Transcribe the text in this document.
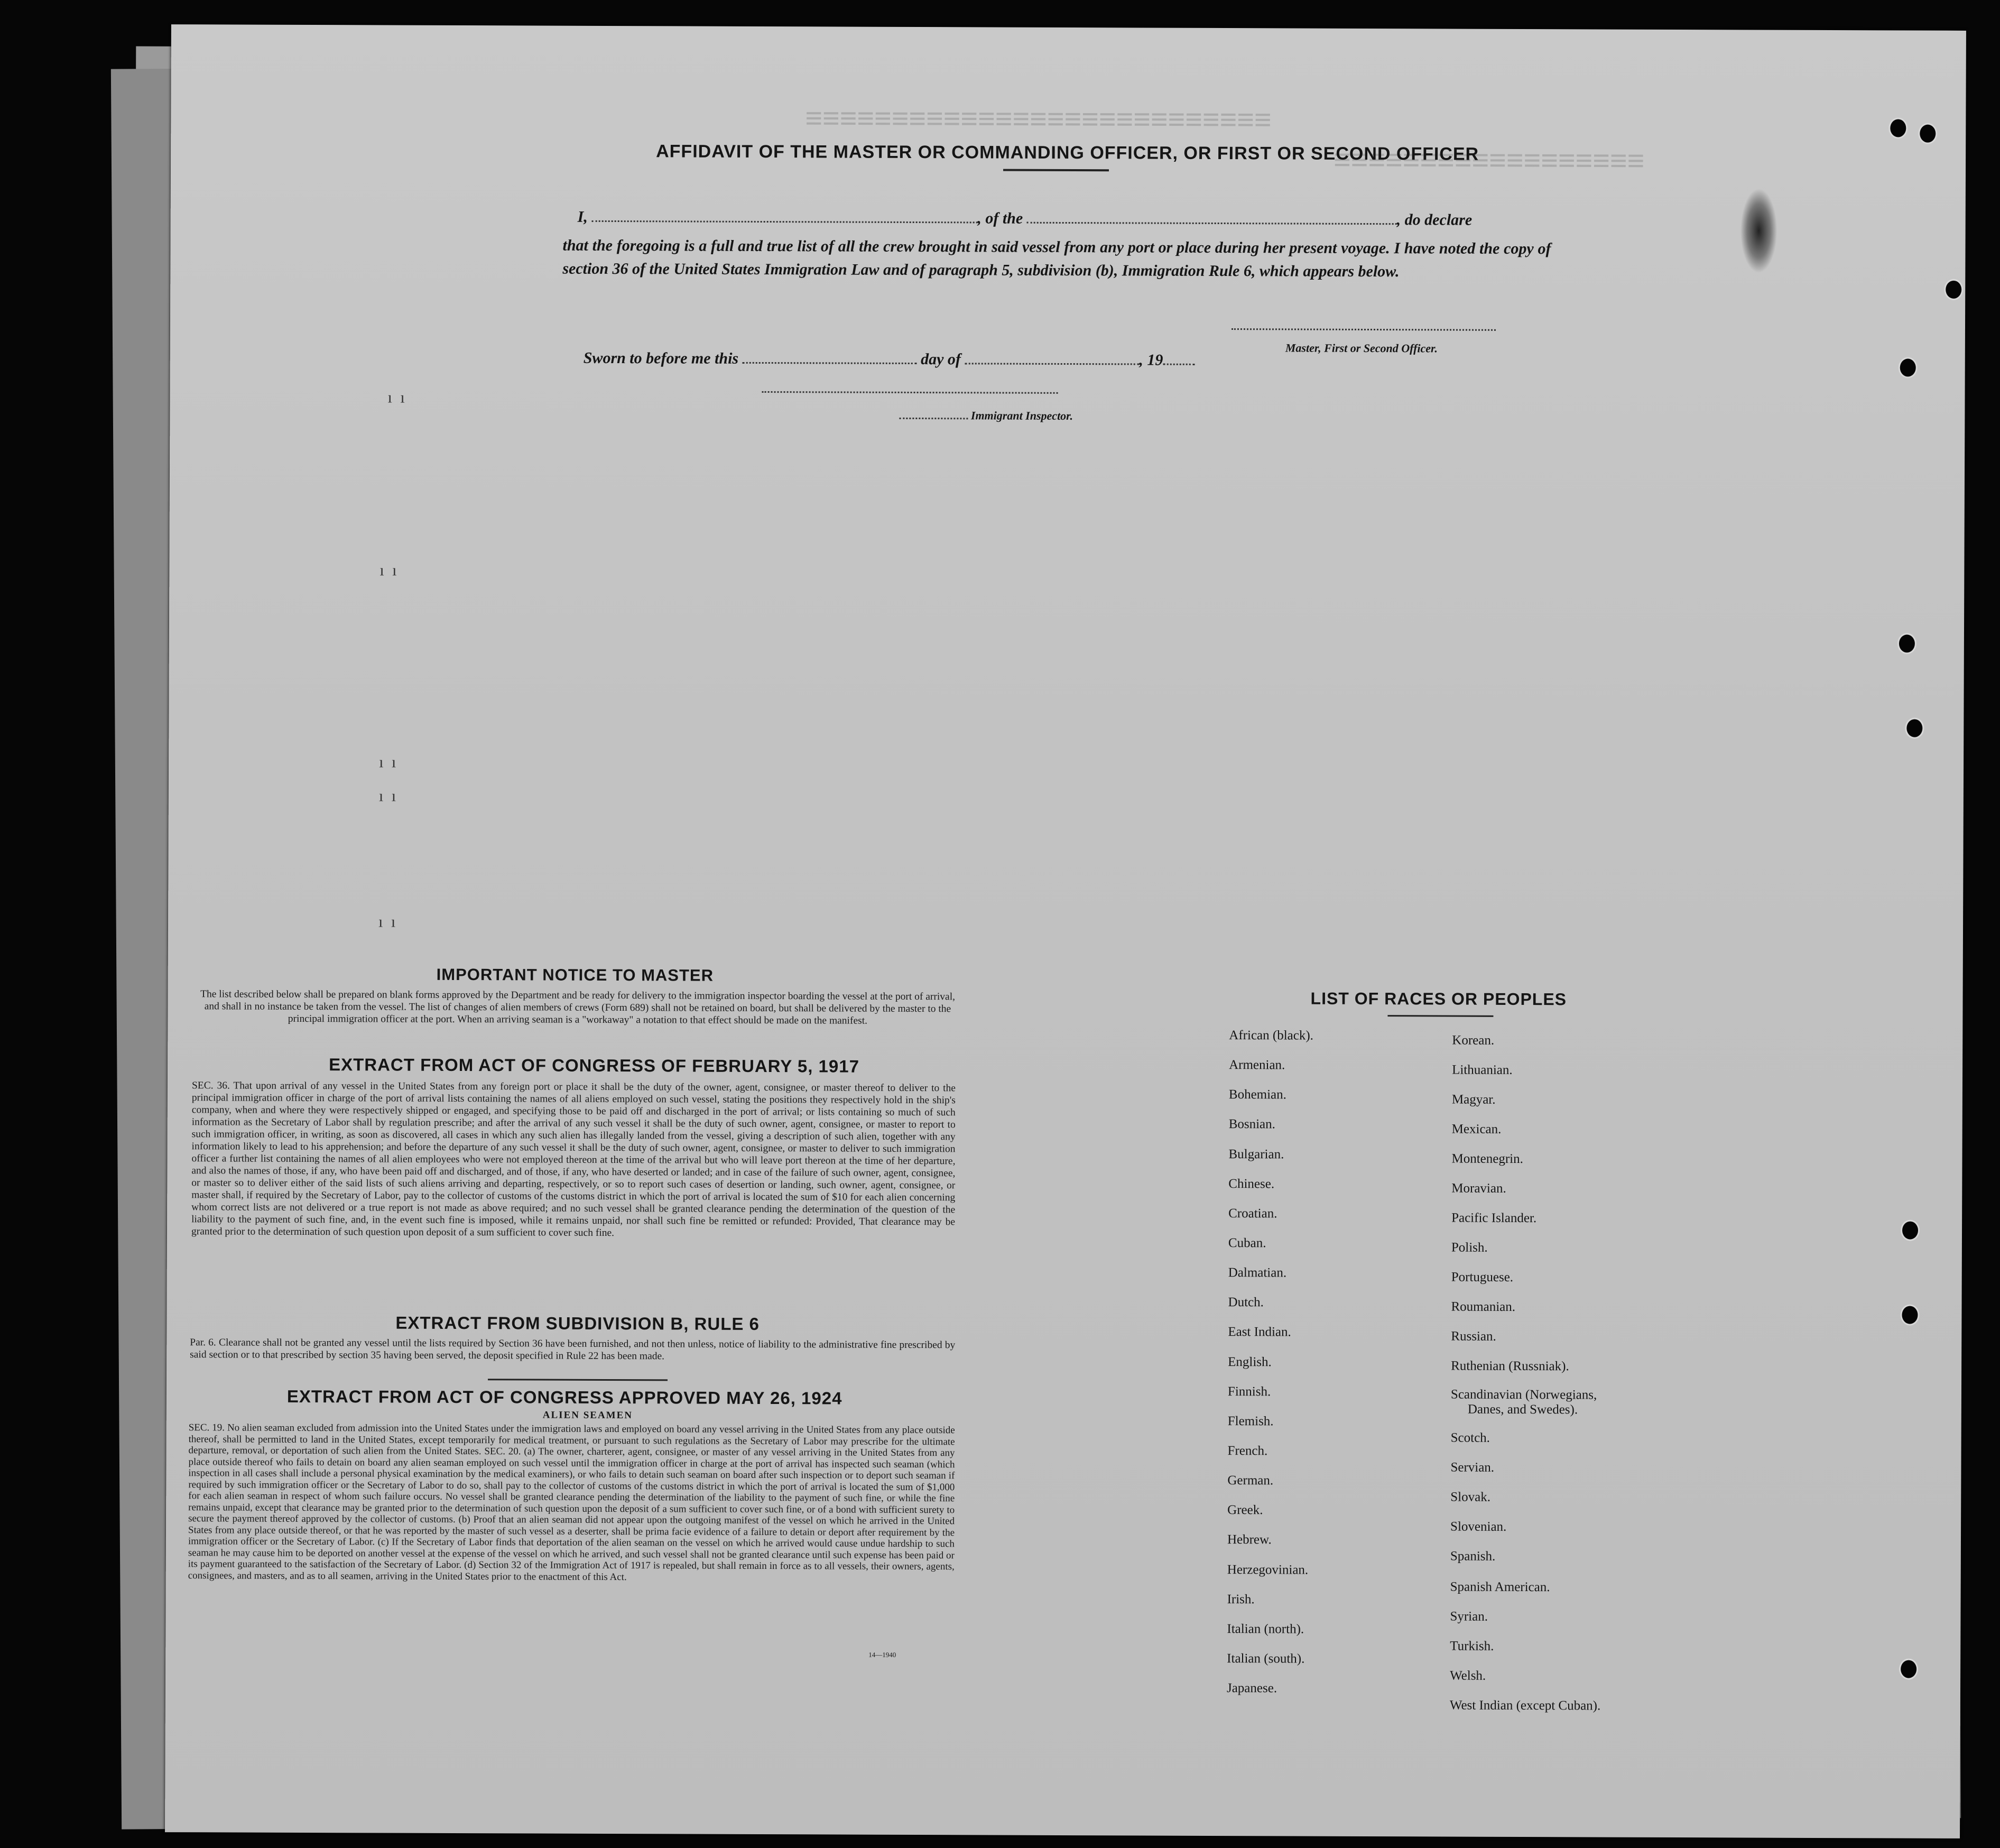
≡≡≡≡≡≡≡≡≡≡≡≡≡≡≡≡≡≡≡≡≡≡≡≡≡≡≡
≡≡≡≡≡≡≡≡≡≡≡≡≡≡≡≡≡≡
AFFIDAVIT OF THE MASTER OR COMMANDING OFFICER, OR FIRST OR SECOND OFFICER
I,	, of the	, do declare
that the foregoing is a full and true list of all the crew brought in said vessel from any port or place during her present voyage. I have noted the copy of section 36 of the United States Immigration Law and of paragraph 5, subdivision (b), Immigration Rule 6, which appears below.
Master, First or Second Officer.
Sworn to before me this	day of	, 19
Immigrant Inspector.
ı ı
ı ı
ı ı
ı ı
ı ı
IMPORTANT NOTICE TO MASTER
The list described below shall be prepared on blank forms approved by the Department and be ready for delivery to the immigration inspector boarding the vessel at the port of arrival, and shall in no instance be taken from the vessel. The list of changes of alien members of crews (Form 689) shall not be retained on board, but shall be delivered by the master to the principal immigration officer at the port. When an arriving seaman is a "workaway" a notation to that effect should be made on the manifest.
EXTRACT FROM ACT OF CONGRESS OF FEBRUARY 5, 1917
SEC. 36. That upon arrival of any vessel in the United States from any foreign port or place it shall be the duty of the owner, agent, consignee, or master thereof to deliver to the principal immigration officer in charge of the port of arrival lists containing the names of all aliens employed on such vessel, stating the positions they respectively hold in the ship's company, when and where they were respectively shipped or engaged, and specifying those to be paid off and discharged in the port of arrival; or lists containing so much of such information as the Secretary of Labor shall by regulation prescribe; and after the arrival of any such vessel it shall be the duty of such owner, agent, consignee, or master to report to such immigration officer, in writing, as soon as discovered, all cases in which any such alien has illegally landed from the vessel, giving a description of such alien, together with any information likely to lead to his apprehension; and before the departure of any such vessel it shall be the duty of such owner, agent, consignee, or master to deliver to such immigration officer a further list containing the names of all alien employees who were not employed thereon at the time of the arrival but who will leave port thereon at the time of her departure, and also the names of those, if any, who have been paid off and discharged, and of those, if any, who have deserted or landed; and in case of the failure of such owner, agent, consignee, or master so to deliver either of the said lists of such aliens arriving and departing, respectively, or so to report such cases of desertion or landing, such owner, agent, consignee, or master shall, if required by the Secretary of Labor, pay to the collector of customs of the customs district in which the port of arrival is located the sum of $10 for each alien concerning whom correct lists are not delivered or a true report is not made as above required; and no such vessel shall be granted clearance pending the determination of the question of the liability to the payment of such fine, and, in the event such fine is imposed, while it remains unpaid, nor shall such fine be remitted or refunded: Provided, That clearance may be granted prior to the determination of such question upon deposit of a sum sufficient to cover such fine.
EXTRACT FROM SUBDIVISION B, RULE 6
Par. 6. Clearance shall not be granted any vessel until the lists required by Section 36 have been furnished, and not then unless, notice of liability to the administrative fine prescribed by said section or to that prescribed by section 35 having been served, the deposit specified in Rule 22 has been made.
EXTRACT FROM ACT OF CONGRESS APPROVED MAY 26, 1924
ALIEN SEAMEN
SEC. 19. No alien seaman excluded from admission into the United States under the immigration laws and employed on board any vessel arriving in the United States from any place outside thereof, shall be permitted to land in the United States, except temporarily for medical treatment, or pursuant to such regulations as the Secretary of Labor may prescribe for the ultimate departure, removal, or deportation of such alien from the United States. SEC. 20. (a) The owner, charterer, agent, consignee, or master of any vessel arriving in the United States from any place outside thereof who fails to detain on board any alien seaman employed on such vessel until the immigration officer in charge at the port of arrival has inspected such seaman (which inspection in all cases shall include a personal physical examination by the medical examiners), or who fails to detain such seaman on board after such inspection or to deport such seaman if required by such immigration officer or the Secretary of Labor to do so, shall pay to the collector of customs of the customs district in which the port of arrival is located the sum of $1,000 for each alien seaman in respect of whom such failure occurs. No vessel shall be granted clearance pending the determination of the liability to the payment of such fine, or while the fine remains unpaid, except that clearance may be granted prior to the determination of such question upon the deposit of a sum sufficient to cover such fine, or of a bond with sufficient surety to secure the payment thereof approved by the collector of customs. (b) Proof that an alien seaman did not appear upon the outgoing manifest of the vessel on which he arrived in the United States from any place outside thereof, or that he was reported by the master of such vessel as a deserter, shall be prima facie evidence of a failure to detain or deport after requirement by the immigration officer or the Secretary of Labor. (c) If the Secretary of Labor finds that deportation of the alien seaman on the vessel on which he arrived would cause undue hardship to such seaman he may cause him to be deported on another vessel at the expense of the vessel on which he arrived, and such vessel shall not be granted clearance until such expense has been paid or its payment guaranteed to the satisfaction of the Secretary of Labor. (d) Section 32 of the Immigration Act of 1917 is repealed, but shall remain in force as to all vessels, their owners, agents, consignees, and masters, and as to all seamen, arriving in the United States prior to the enactment of this Act.
14—1940
LIST OF RACES OR PEOPLES
African (black).
Armenian.
Bohemian.
Bosnian.
Bulgarian.
Chinese.
Croatian.
Cuban.
Dalmatian.
Dutch.
East Indian.
English.
Finnish.
Flemish.
French.
German.
Greek.
Hebrew.
Herzegovinian.
Irish.
Italian (north).
Italian (south).
Japanese.
Korean.
Lithuanian.
Magyar.
Mexican.
Montenegrin.
Moravian.
Pacific Islander.
Polish.
Portuguese.
Roumanian.
Russian.
Ruthenian (Russniak).
Scandinavian (Norwegians,
Danes, and Swedes).
Scotch.
Servian.
Slovak.
Slovenian.
Spanish.
Spanish American.
Syrian.
Turkish.
Welsh.
West Indian (except Cuban).
